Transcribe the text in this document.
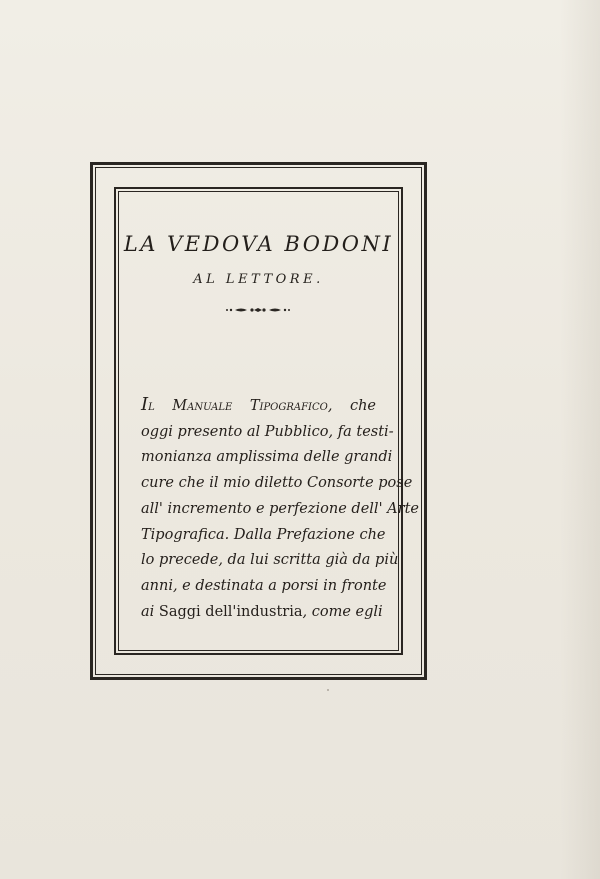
LA VEDOVA BODONI
AL LETTORE.
Il Manuale Tipografico, che
oggi presento al Pubblico, fa testi-
monianza amplissima delle grandi
cure che il mio diletto Consorte pose
all' incremento e perfezione dell' Arte
Tipografica. Dalla Prefazione che
lo precede, da lui scritta già da più
anni, e destinata a porsi in fronte
ai Saggi dell'industria, come egli
